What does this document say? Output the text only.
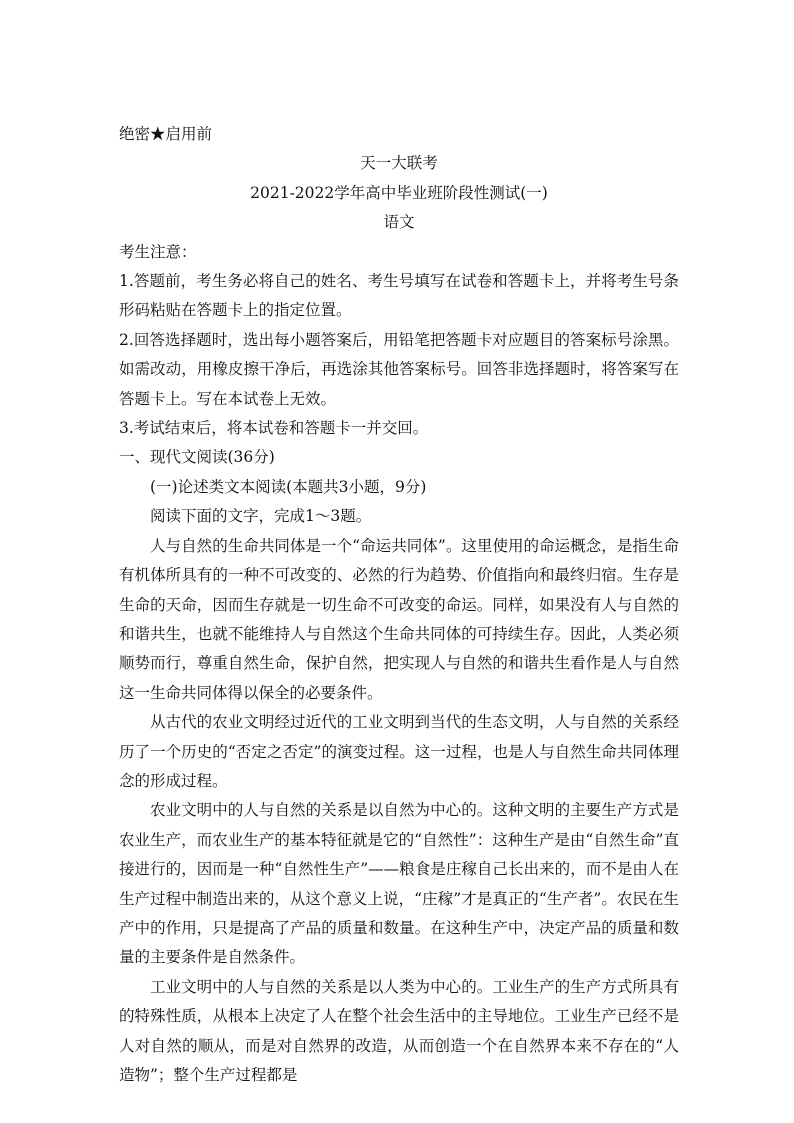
绝密★启用前

天一大联考

2021-2022学年高中毕业班阶段性测试(一)

语文

考生注意：

1.答题前，考生务必将自己的姓名、考生号填写在试卷和答题卡上，并将考生号条形码粘贴在答题卡上的指定位置。

2.回答选择题时，选出每小题答案后，用铅笔把答题卡对应题目的答案标号涂黑。如需改动，用橡皮擦干净后，再选涂其他答案标号。回答非选择题时，将答案写在答题卡上。写在本试卷上无效。

3.考试结束后，将本试卷和答题卡一并交回。

一、现代文阅读(36分)

(一)论述类文本阅读(本题共3小题，9分)

阅读下面的文字，完成1～3题。

人与自然的生命共同体是一个“命运共同体”。这里使用的命运概念，是指生命有机体所具有的一种不可改变的、必然的行为趋势、价值指向和最终归宿。生存是生命的天命，因而生存就是一切生命不可改变的命运。同样，如果没有人与自然的和谐共生，也就不能维持人与自然这个生命共同体的可持续生存。因此，人类必须顺势而行，尊重自然生命，保护自然，把实现人与自然的和谐共生看作是人与自然这一生命共同体得以保全的必要条件。

从古代的农业文明经过近代的工业文明到当代的生态文明，人与自然的关系经历了一个历史的“否定之否定”的演变过程。这一过程，也是人与自然生命共同体理念的形成过程。

农业文明中的人与自然的关系是以自然为中心的。这种文明的主要生产方式是农业生产，而农业生产的基本特征就是它的“自然性”：这种生产是由“自然生命”直接进行的，因而是一种“自然性生产”——粮食是庄稼自己长出来的，而不是由人在生产过程中制造出来的，从这个意义上说，“庄稼”才是真正的“生产者”。农民在生产中的作用，只是提高了产品的质量和数量。在这种生产中，决定产品的质量和数量的主要条件是自然条件。

工业文明中的人与自然的关系是以人类为中心的。工业生产的生产方式所具有的特殊性质，从根本上决定了人在整个社会生活中的主导地位。工业生产已经不是人对自然的顺从，而是对自然界的改造，从而创造一个在自然界本来不存在的“人造物”；整个生产过程都是
